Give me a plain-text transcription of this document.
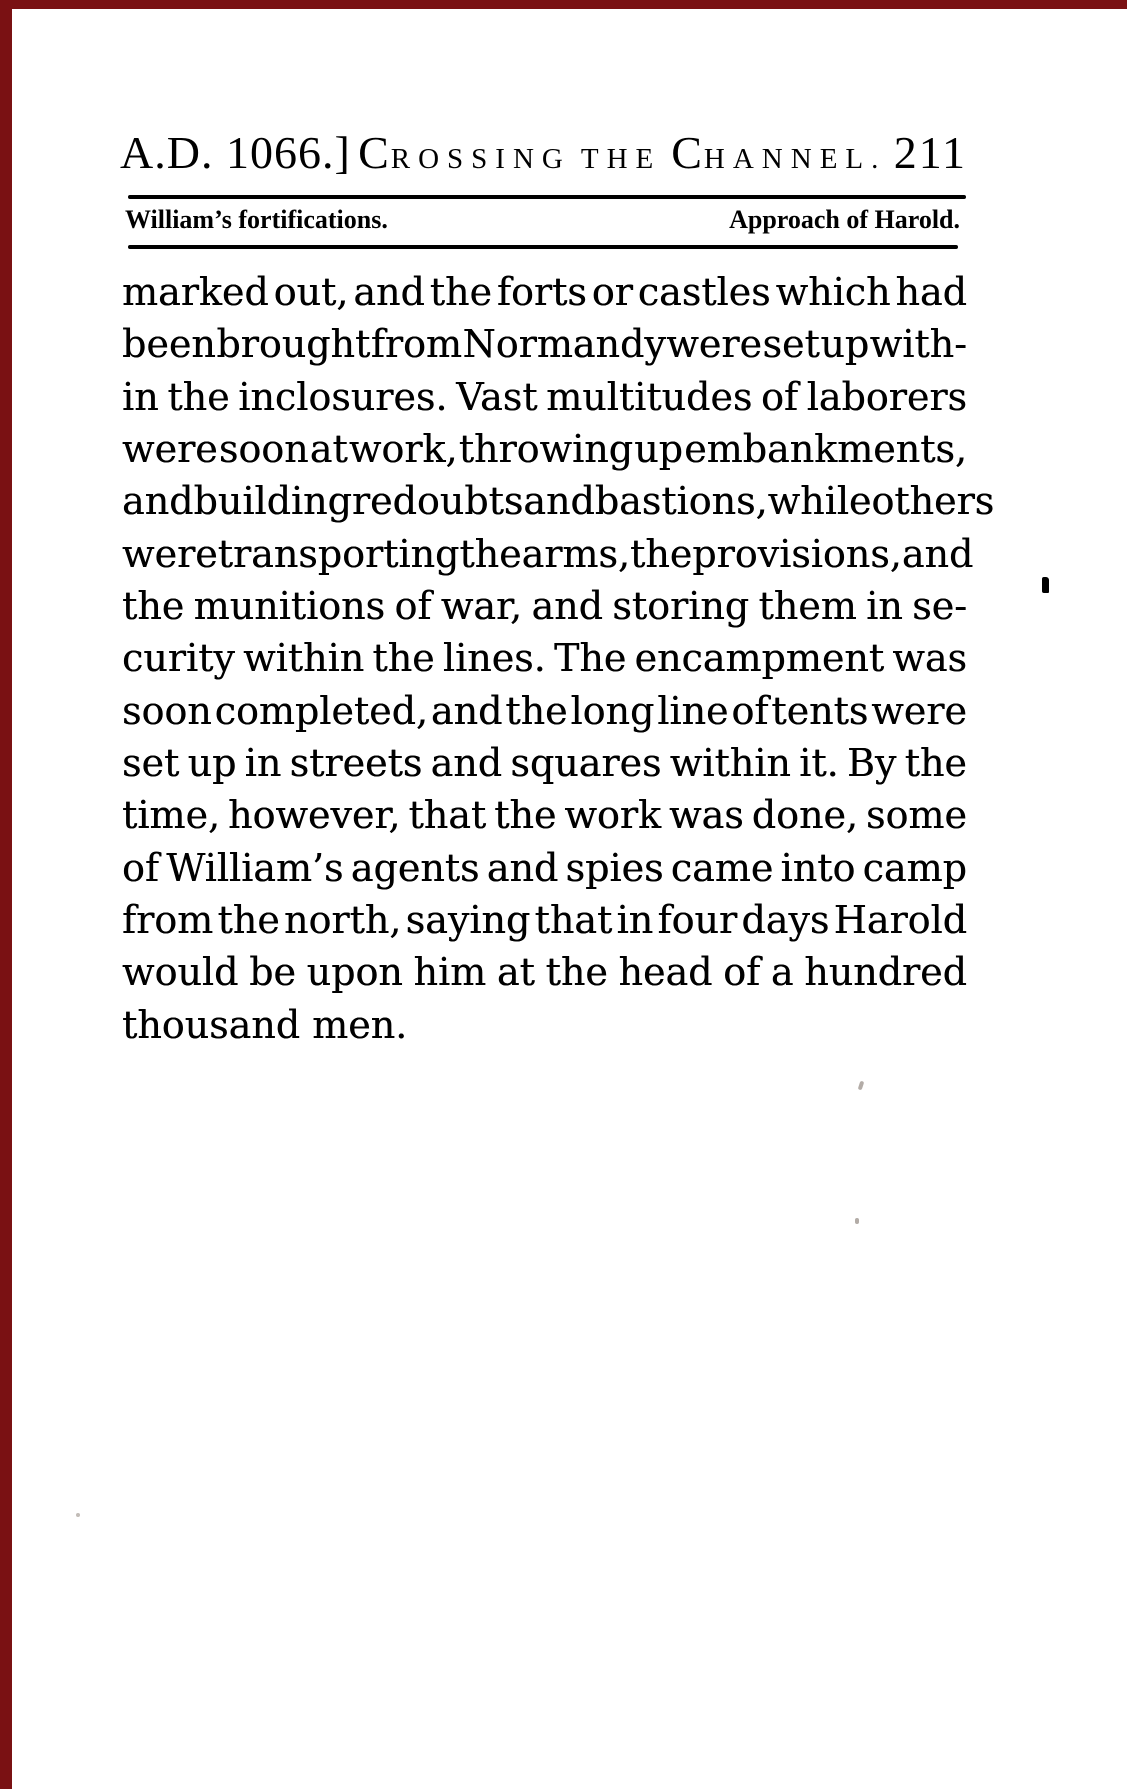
A.D. 1066.] C ROSSING THE C HANNEL. 211
William’s fortifications.	Approach of Harold.
marked out, and the forts or castles which had
been brought from Normandy were set up with-
in the inclosures. Vast multitudes of laborers
were soon at work, throwing up embankments,
and building redoubts and bastions, while others
were transporting the arms, the provisions, and
the munitions of war, and storing them in se-
curity within the lines. The encampment was
soon completed, and the long line of tents were
set up in streets and squares within it. By the
time, however, that the work was done, some
of William’s agents and spies came into camp
from the north, saying that in four days Harold
would be upon him at the head of a hundred
thousand men.
